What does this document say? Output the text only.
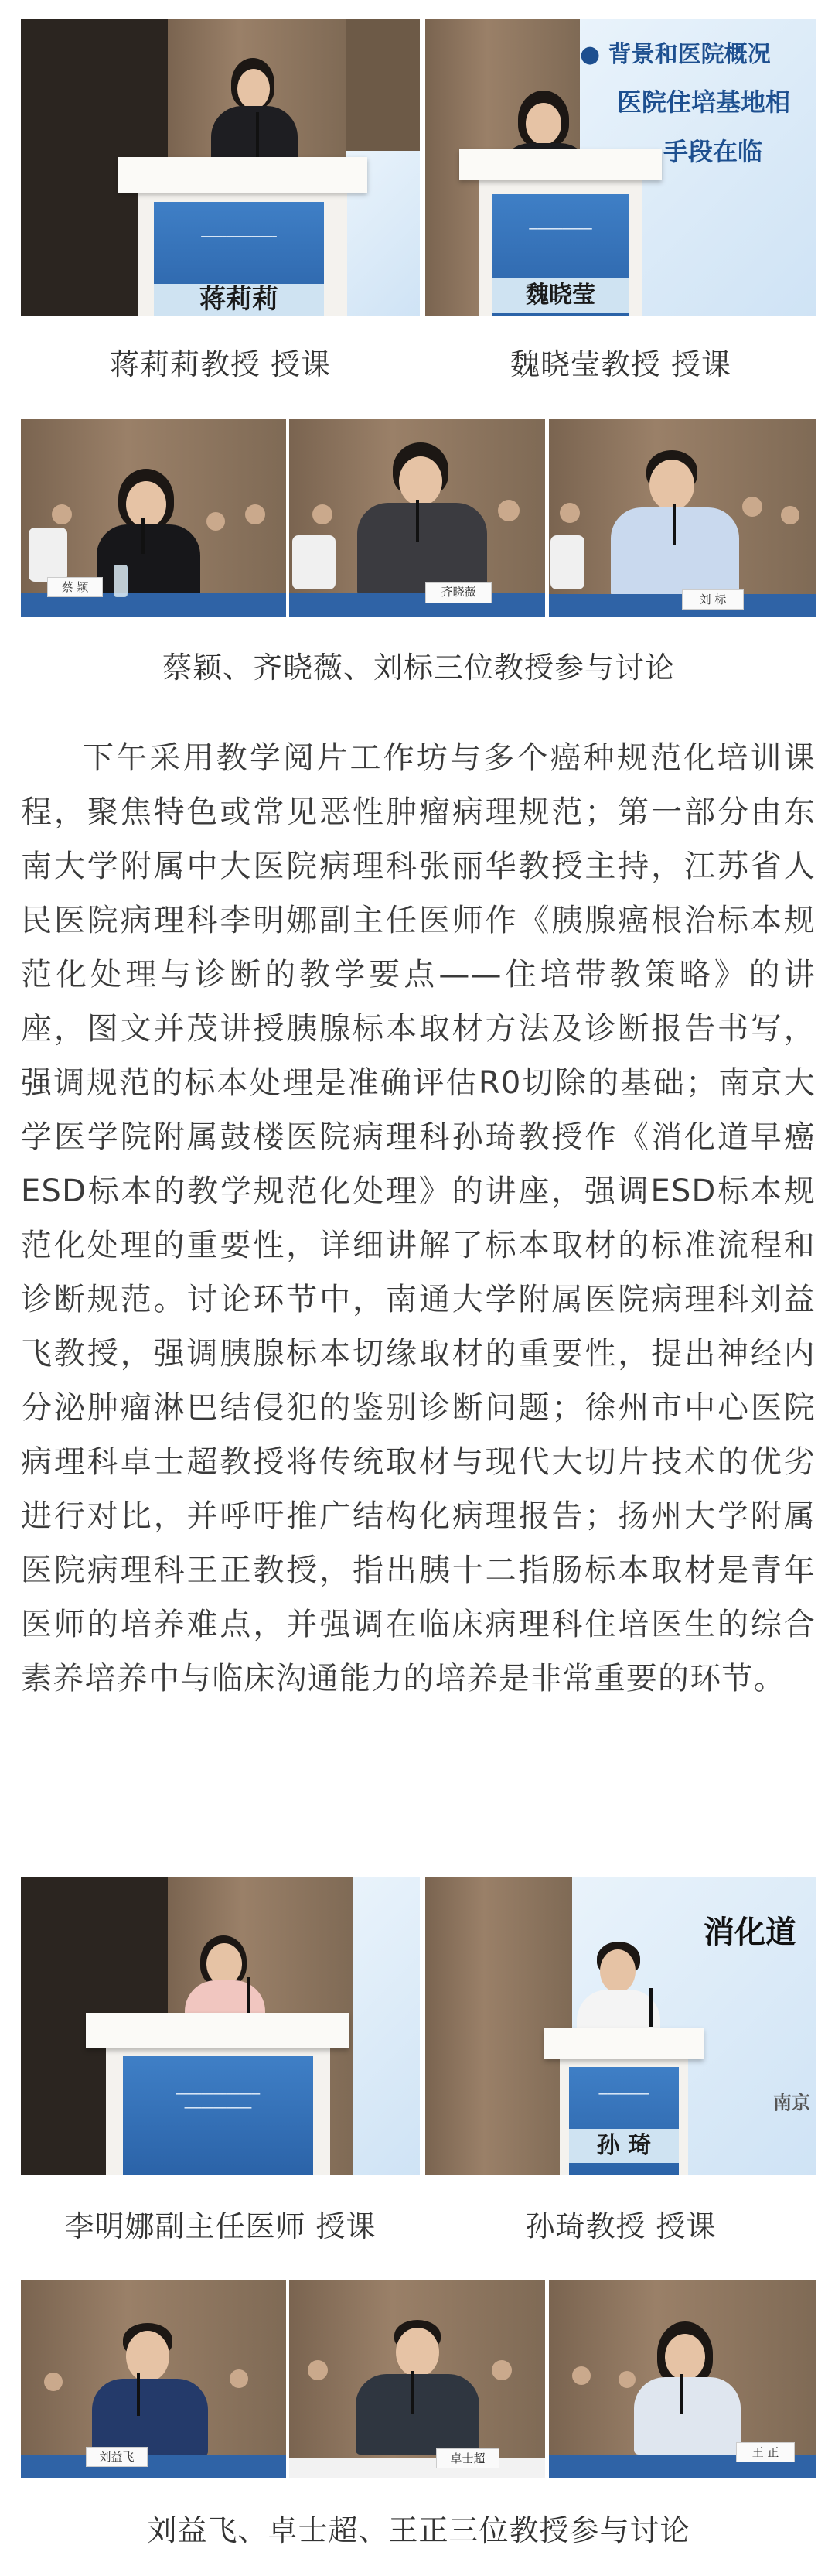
━━━━━━━━━━━━━━━━━━
蒋莉莉
● 背景和医院概况
医院住培基地相
手段在临
━━━━━━━━━━━━━━━
魏晓莹
蒋莉莉教授 授课	魏晓莹教授 授课
蔡 颖	齐晓薇
刘 标
蔡颖、齐晓薇、刘标三位教授参与讨论

下午采用教学阅片工作坊与多个癌种规范化培训课程，聚焦特色或常见恶性肿瘤病理规范；第一部分由东南大学附属中大医院病理科张丽华教授主持，江苏省人民医院病理科李明娜副主任医师作《胰腺癌根治标本规范化处理与诊断的教学要点——住培带教策略》的讲座，图文并茂讲授胰腺标本取材方法及诊断报告书写，强调规范的标本处理是准确评估R0切除的基础；南京大学医学院附属鼓楼医院病理科孙琦教授作《消化道早癌ESD标本的教学规范化处理》的讲座，强调ESD标本规范化处理的重要性，详细讲解了标本取材的标准流程和诊断规范。讨论环节中，南通大学附属医院病理科刘益飞教授，强调胰腺标本切缘取材的重要性，提出神经内分泌肿瘤淋巴结侵犯的鉴别诊断问题；徐州市中心医院病理科卓士超教授将传统取材与现代大切片技术的优劣进行对比，并呼吁推广结构化病理报告；扬州大学附属医院病理科王正教授，指出胰十二指肠标本取材是青年医师的培养难点，并强调在临床病理科住培医生的综合素养培养中与临床沟通能力的培养是非常重要的环节。

━━━━━━━━━━━━━━━━━━━━
━━━━━━━━━━━━━━━━
消化道
南京
━━━━━━━━━━━━
孙 琦
李明娜副主任医师 授课	孙琦教授 授课
刘益飞	卓士超	王 正
刘益飞、卓士超、王正三位教授参与讨论
